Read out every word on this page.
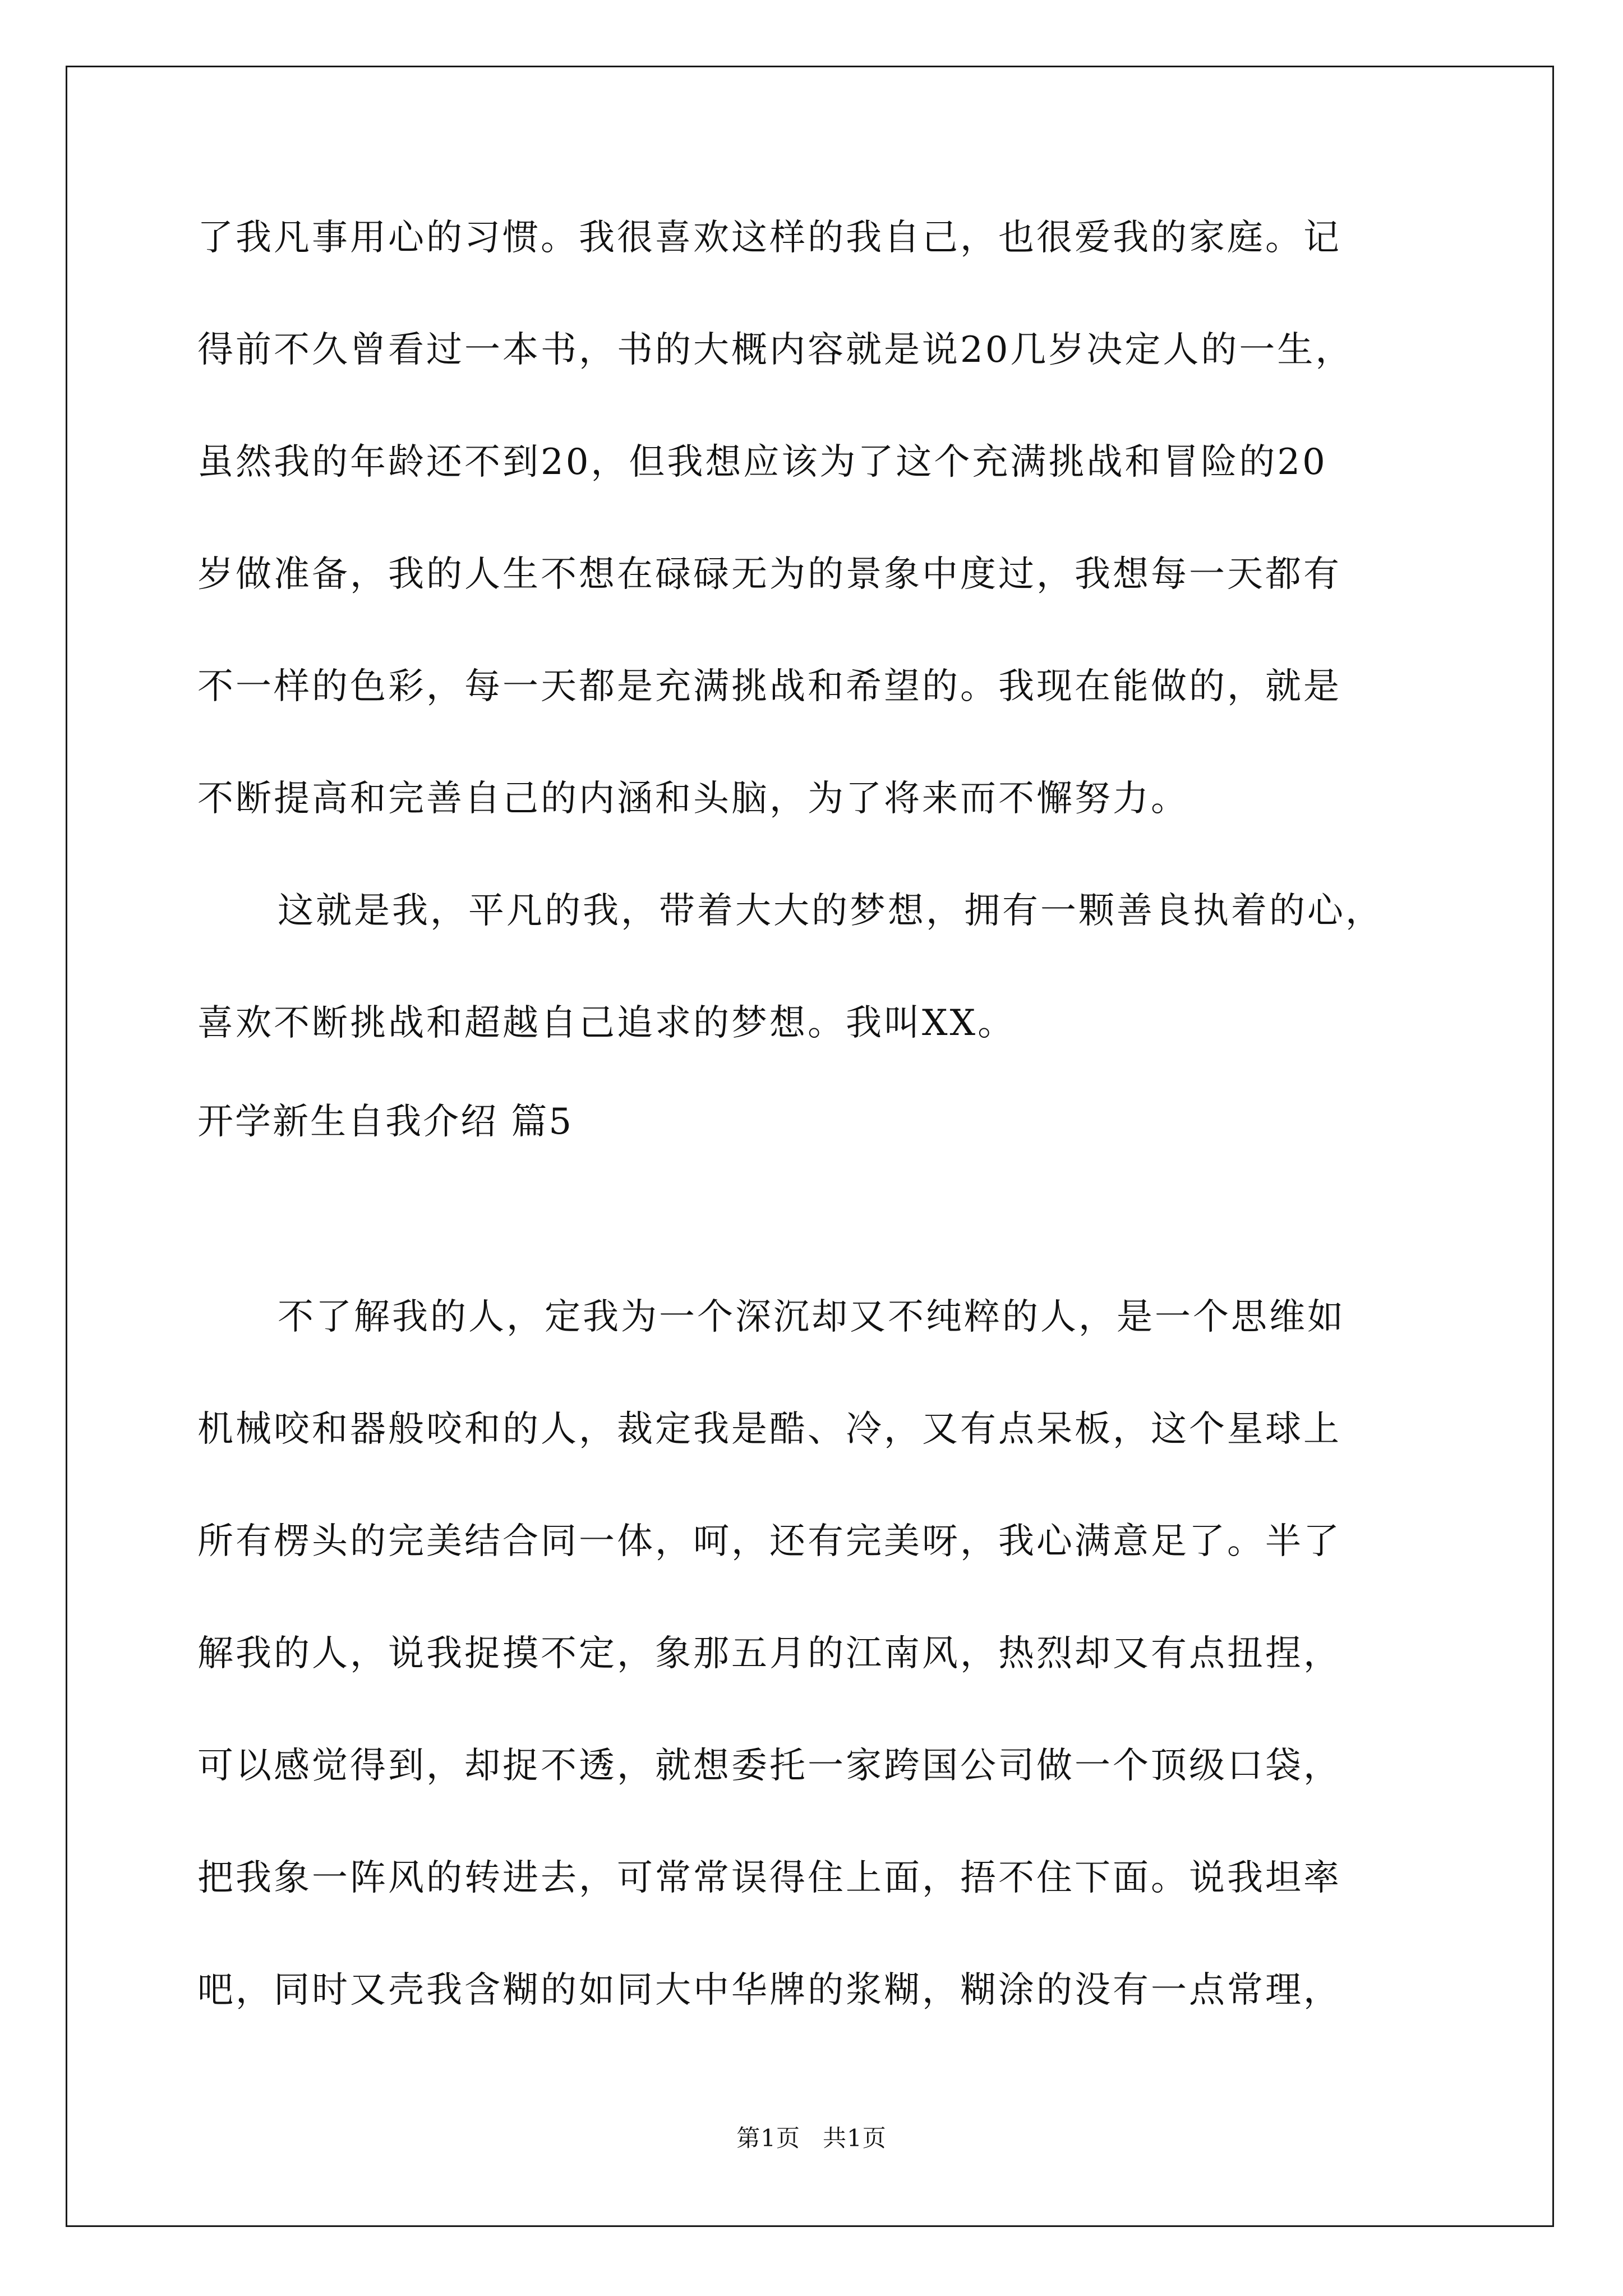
了我凡事用心的习惯。我很喜欢这样的我自己，也很爱我的家庭。记
得前不久曾看过一本书，书的大概内容就是说20几岁决定人的一生，
虽然我的年龄还不到20，但我想应该为了这个充满挑战和冒险的20
岁做准备，我的人生不想在碌碌无为的景象中度过，我想每一天都有
不一样的色彩，每一天都是充满挑战和希望的。我现在能做的，就是
不断提高和完善自己的内涵和头脑，为了将来而不懈努力。
这就是我，平凡的我，带着大大的梦想，拥有一颗善良执着的心，
喜欢不断挑战和超越自己追求的梦想。我叫XX。
开学新生自我介绍 篇5
不了解我的人，定我为一个深沉却又不纯粹的人，是一个思维如
机械咬和器般咬和的人，裁定我是酷、冷，又有点呆板，这个星球上
所有楞头的完美结合同一体，呵，还有完美呀，我心满意足了。半了
解我的人，说我捉摸不定，象那五月的江南风，热烈却又有点扭捏，
可以感觉得到，却捉不透，就想委托一家跨国公司做一个顶级口袋，
把我象一阵风的转进去，可常常误得住上面，捂不住下面。说我坦率
吧，同时又壳我含糊的如同大中华牌的浆糊，糊涂的没有一点常理，
第1页 共1页
